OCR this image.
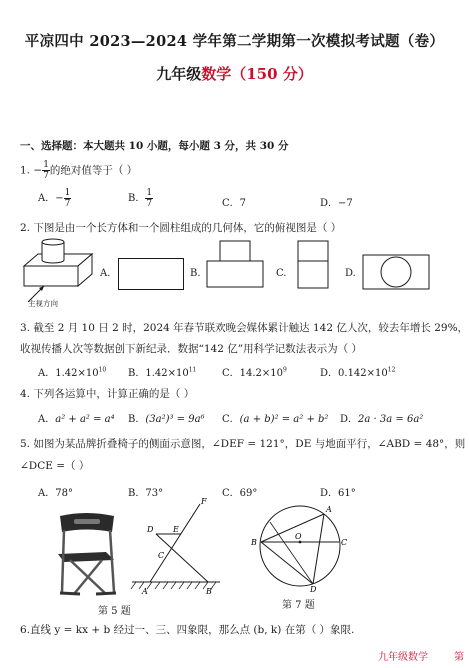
平凉四中 2023—2024 学年第二学期第一次模拟考试题（卷）
九年级数学（150 分）
一、选择题：本大题共 10 小题，每小题 3 分，共 30 分
1. − $\frac{1}{7}$ 的绝对值等于（ ）
A．− $\frac{1}{7}$	B． $\frac{1}{7}$	C．7	D．−7
2. 下图是由一个长方体和一个圆柱组成的几何体，它的俯视图是（ ）
主视方向
A.	B.	C.	D.
3. 截至 2 月 10 日 2 时，2024 年春节联欢晚会媒体累计触达 142 亿人次，较去年增长 29%，
收视传播人次等数据创下新纪录．数据“142 亿”用科学记数法表示为（ ）
A．$1.42\times 10^{10}$ B．$1.42\times 10^{11}$	C．$14.2\times 10^9$	D．$0.142\times 10^{12}$
4. 下列各运算中，计算正确的是（ ）
A．a² + a² = a⁴ B．(3a²)³ = 9a⁶ C．(a + b)² = a² + b² D．2a · 3a = 6a²
5. 如图为某品牌折叠椅子的侧面示意图，∠DEF = 121°，DE 与地面平行，∠ABD = 48°，则
∠DCE =（ ）
A．78°	B．73°	C．69°	D．61°
第 5 题
F
D E
C
A	B
A
B	C
D
O
第 7 题
6.直线 y = kx + b 经过一、三、四象限，那么点 (b, k) 在第（ ）象限.
九年级数学	第
